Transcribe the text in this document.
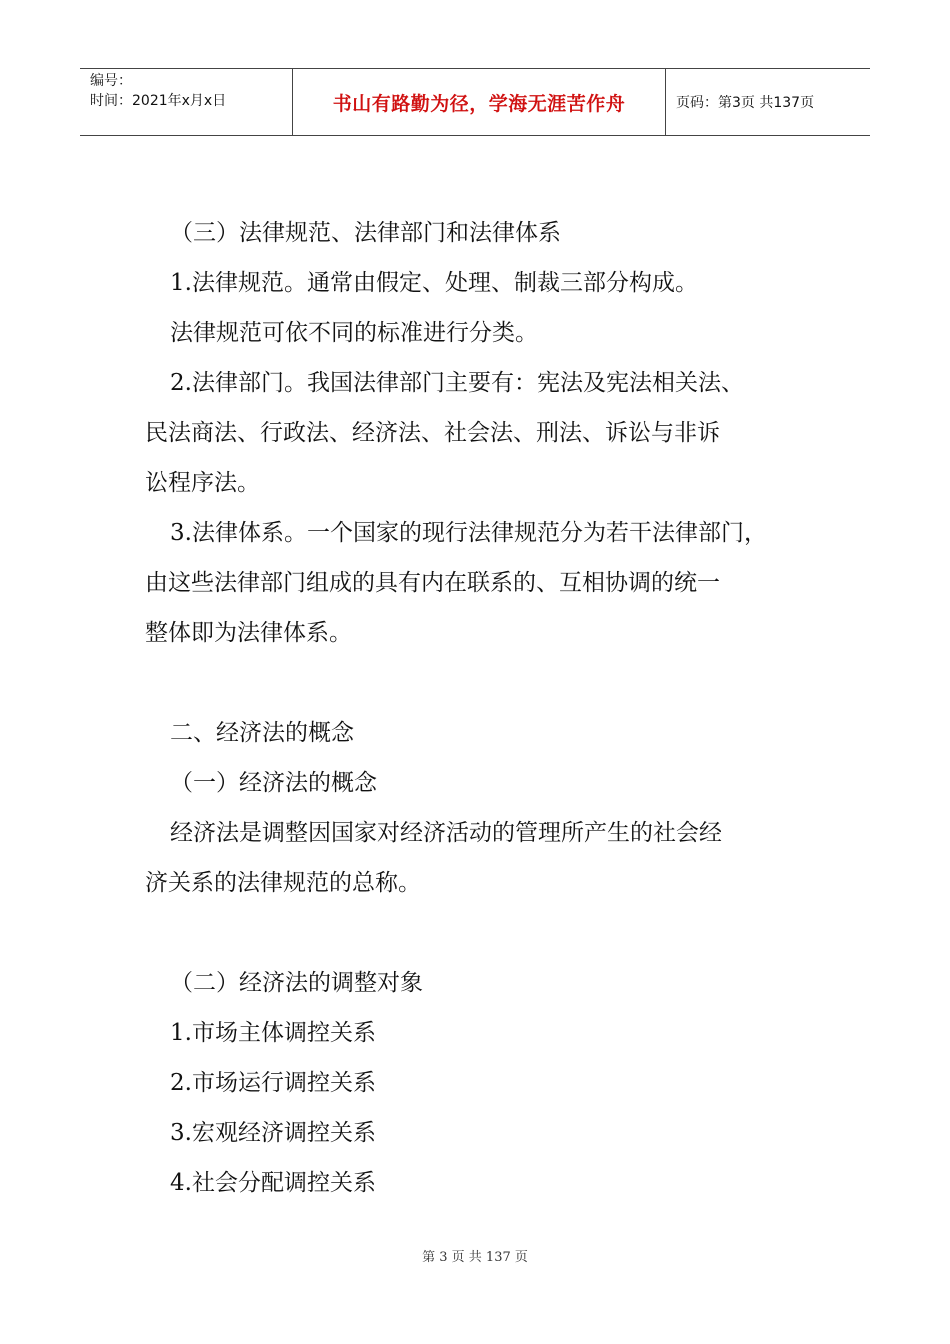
编号：
时间：2021年x月x日	书山有路勤为径，学海无涯苦作舟	页码：第3页 共137页

（三）法律规范、法律部门和法律体系

1.法律规范。通常由假定、处理、制裁三部分构成。

法律规范可依不同的标准进行分类。

2.法律部门。我国法律部门主要有：宪法及宪法相关法、

民法商法、行政法、经济法、社会法、刑法、诉讼与非诉

讼程序法。

3.法律体系。一个国家的现行法律规范分为若干法律部门，

由这些法律部门组成的具有内在联系的、互相协调的统一

整体即为法律体系。

二、经济法的概念

（一）经济法的概念

经济法是调整因国家对经济活动的管理所产生的社会经

济关系的法律规范的总称。

（二）经济法的调整对象

1.市场主体调控关系

2.市场运行调控关系

3.宏观经济调控关系

4.社会分配调控关系

第 3 页 共 137 页
